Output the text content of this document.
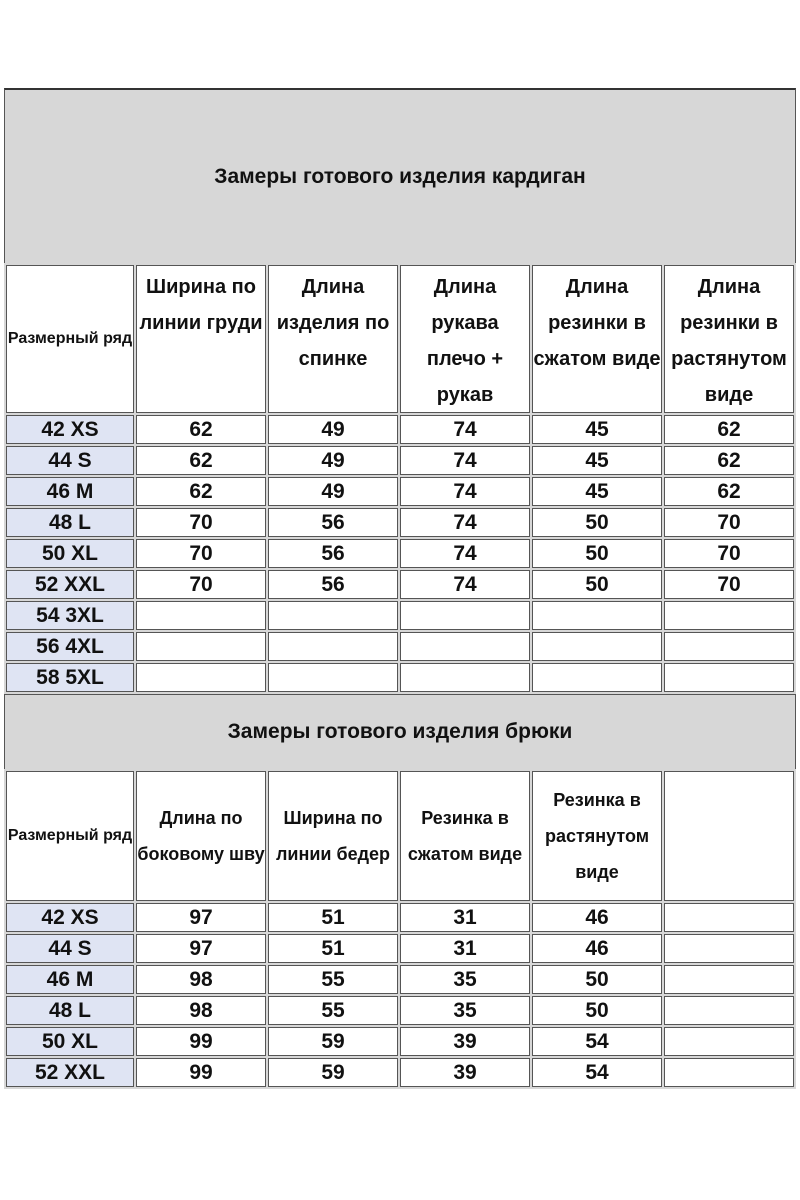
Замеры готового изделия кардиган
Размерный ряд	Ширина по линии груди	Длина изделия по спинке	Длина рукава плечо + рукав	Длина резинки в сжатом виде	Длина резинки в растянутом виде
42 XS	62	49	74	45	62
44 S	62	49	74	45	62
46 M	62	49	74	45	62
48 L	70	56	74	50	70
50 XL	70	56	74	50	70
52 XXL	70	56	74	50	70
54 3XL					
56 4XL					
58 5XL					
Замеры готового изделия брюки
Размерный ряд	Длина по боковому шву	Ширина по линии бедер	Резинка в сжатом виде	Резинка в растянутом виде	
42 XS	97	51	31	46	
44 S	97	51	31	46	
46 M	98	55	35	50	
48 L	98	55	35	50	
50 XL	99	59	39	54	
52 XXL	99	59	39	54	
